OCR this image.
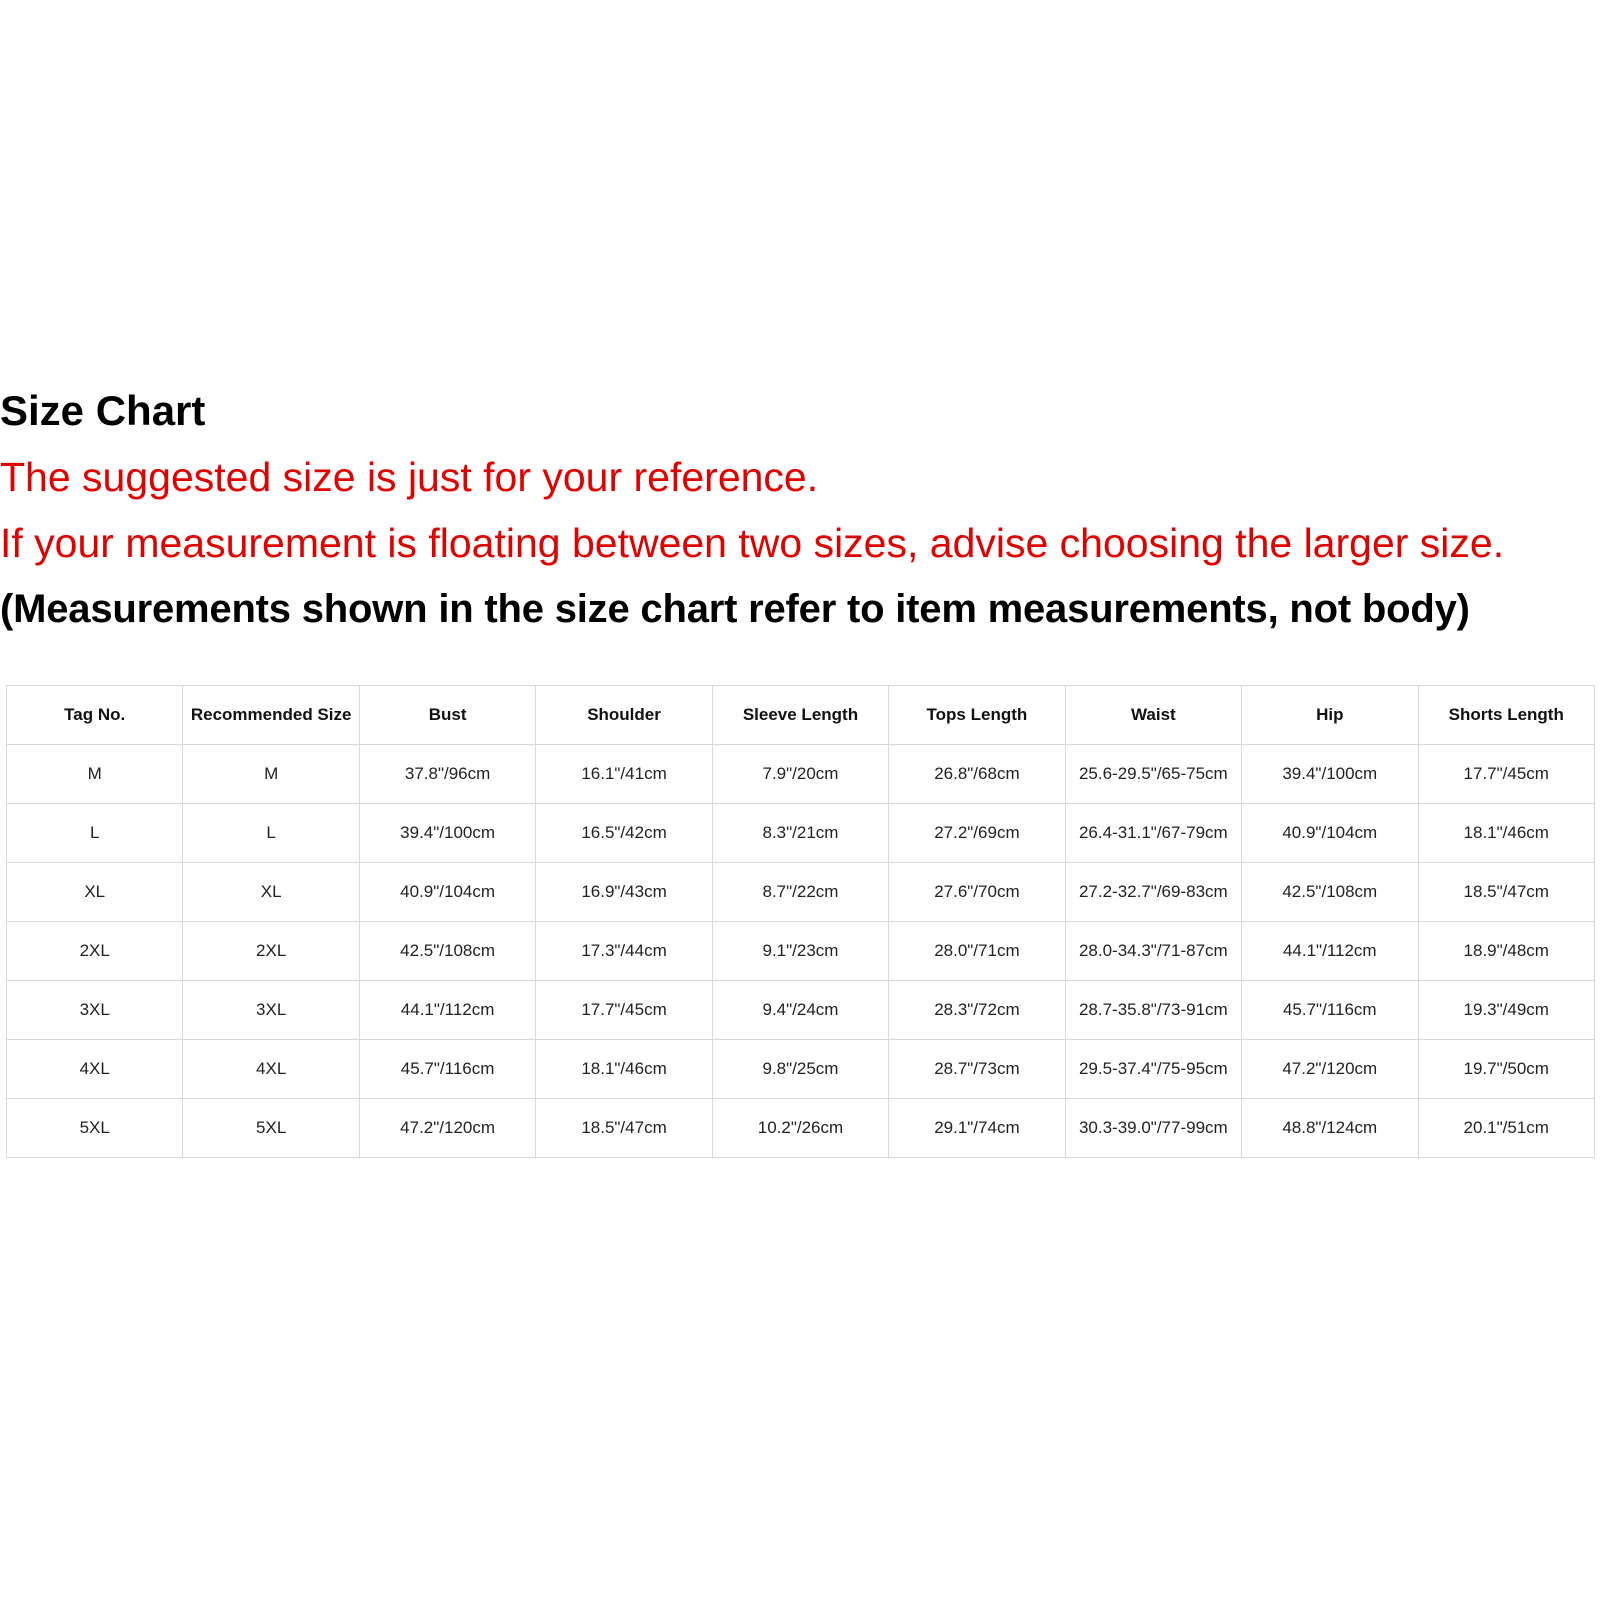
Size Chart
The suggested size is just for your reference.
If your measurement is floating between two sizes, advise choosing the larger size.
(Measurements shown in the size chart refer to item measurements, not body)
Tag No.	Recommended Size	Bust	Shoulder	Sleeve Length	Tops Length	Waist	Hip	Shorts Length
M	M	37.8"/96cm	16.1"/41cm	7.9"/20cm	26.8"/68cm	25.6-29.5"/65-75cm	39.4"/100cm	17.7"/45cm
L	L	39.4"/100cm	16.5"/42cm	8.3"/21cm	27.2"/69cm	26.4-31.1"/67-79cm	40.9"/104cm	18.1"/46cm
XL	XL	40.9"/104cm	16.9"/43cm	8.7"/22cm	27.6"/70cm	27.2-32.7"/69-83cm	42.5"/108cm	18.5"/47cm
2XL	2XL	42.5"/108cm	17.3"/44cm	9.1"/23cm	28.0"/71cm	28.0-34.3"/71-87cm	44.1"/112cm	18.9"/48cm
3XL	3XL	44.1"/112cm	17.7"/45cm	9.4"/24cm	28.3"/72cm	28.7-35.8"/73-91cm	45.7"/116cm	19.3"/49cm
4XL	4XL	45.7"/116cm	18.1"/46cm	9.8"/25cm	28.7"/73cm	29.5-37.4"/75-95cm	47.2"/120cm	19.7"/50cm
5XL	5XL	47.2"/120cm	18.5"/47cm	10.2"/26cm	29.1"/74cm	30.3-39.0"/77-99cm	48.8"/124cm	20.1"/51cm
